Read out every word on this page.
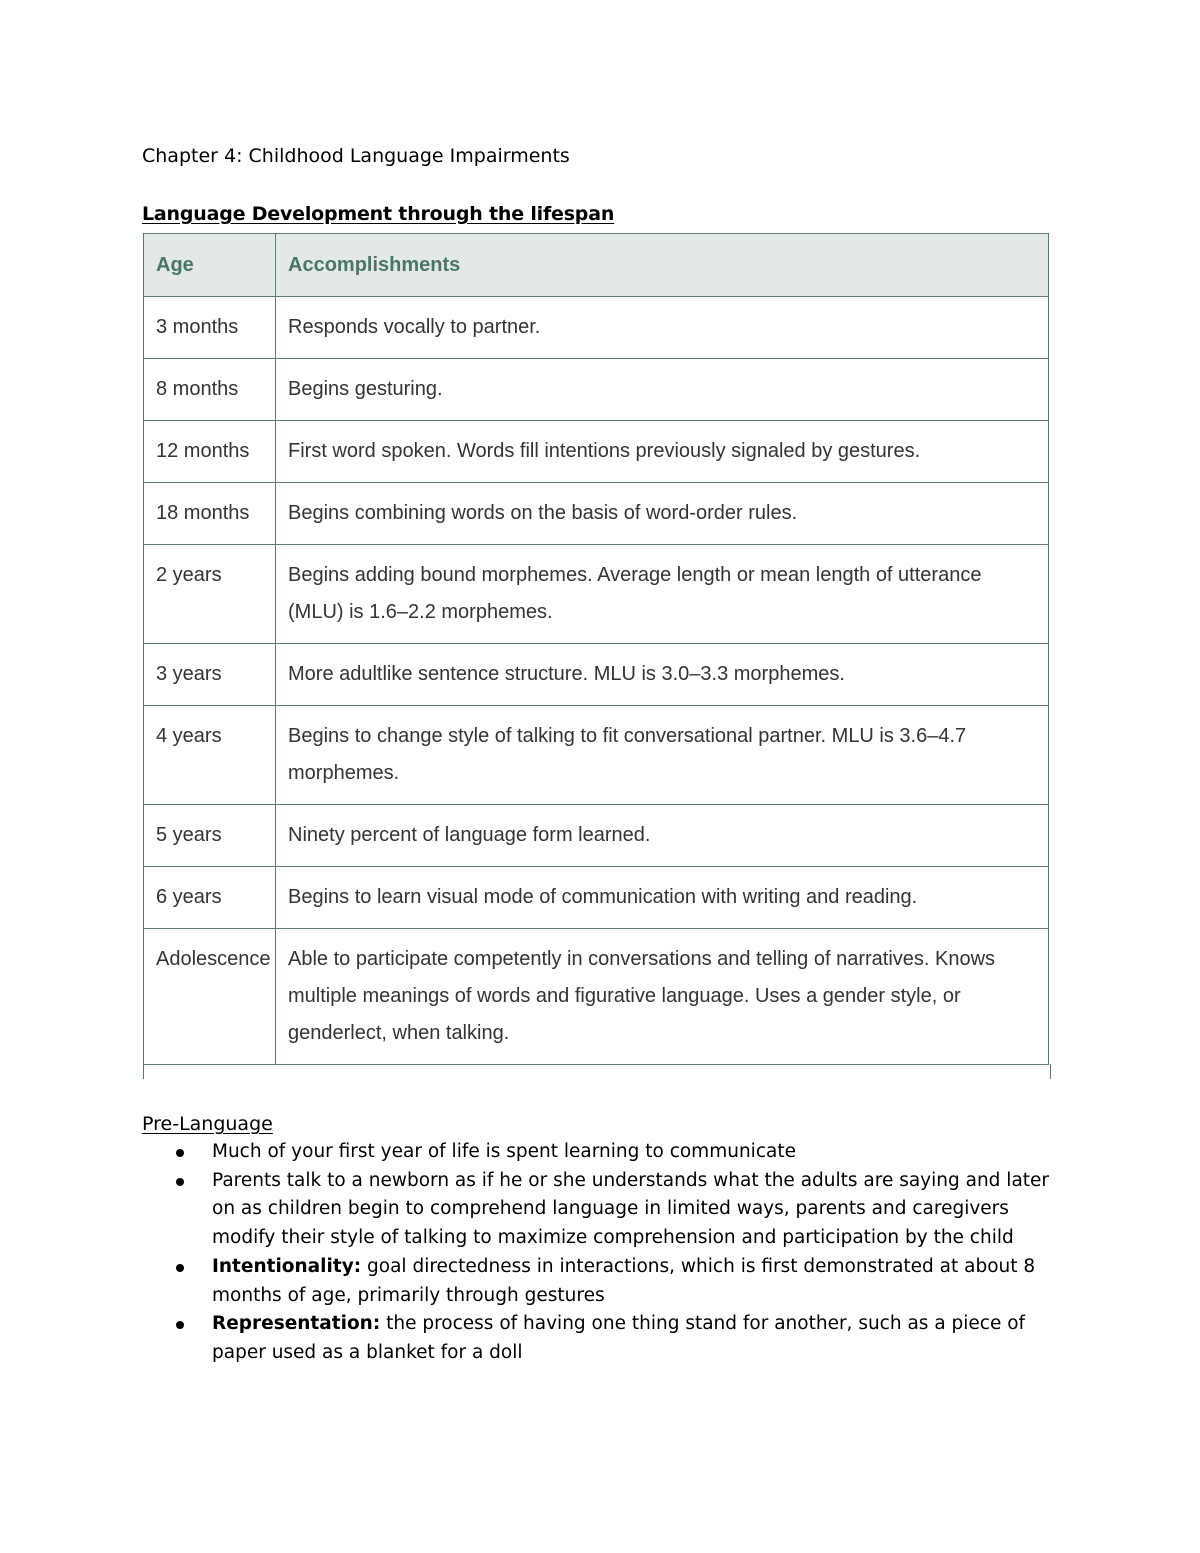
Chapter 4: Childhood Language Impairments
Language Development through the lifespan
Age	Accomplishments
3 months	Responds vocally to partner.
8 months	Begins gesturing.
12 months	First word spoken. Words fill intentions previously signaled by gestures.
18 months	Begins combining words on the basis of word-order rules.
2 years	Begins adding bound morphemes. Average length or mean length of utterance (MLU) is 1.6–2.2 morphemes.
3 years	More adultlike sentence structure. MLU is 3.0–3.3 morphemes.
4 years	Begins to change style of talking to fit conversational partner. MLU is 3.6–4.7 morphemes.
5 years	Ninety percent of language form learned.
6 years	Begins to learn visual mode of communication with writing and reading.
Adolescence	Able to participate competently in conversations and telling of narratives. Knows multiple meanings of words and figurative language. Uses a gender style, or genderlect, when talking.
Pre-Language
Much of your first year of life is spent learning to communicate
Parents talk to a newborn as if he or she understands what the adults are saying and later on as children begin to comprehend language in limited ways, parents and caregivers modify their style of talking to maximize comprehension and participation by the child
Intentionality: goal directedness in interactions, which is first demonstrated at about 8 months of age, primarily through gestures
Representation: the process of having one thing stand for another, such as a piece of paper used as a blanket for a doll
